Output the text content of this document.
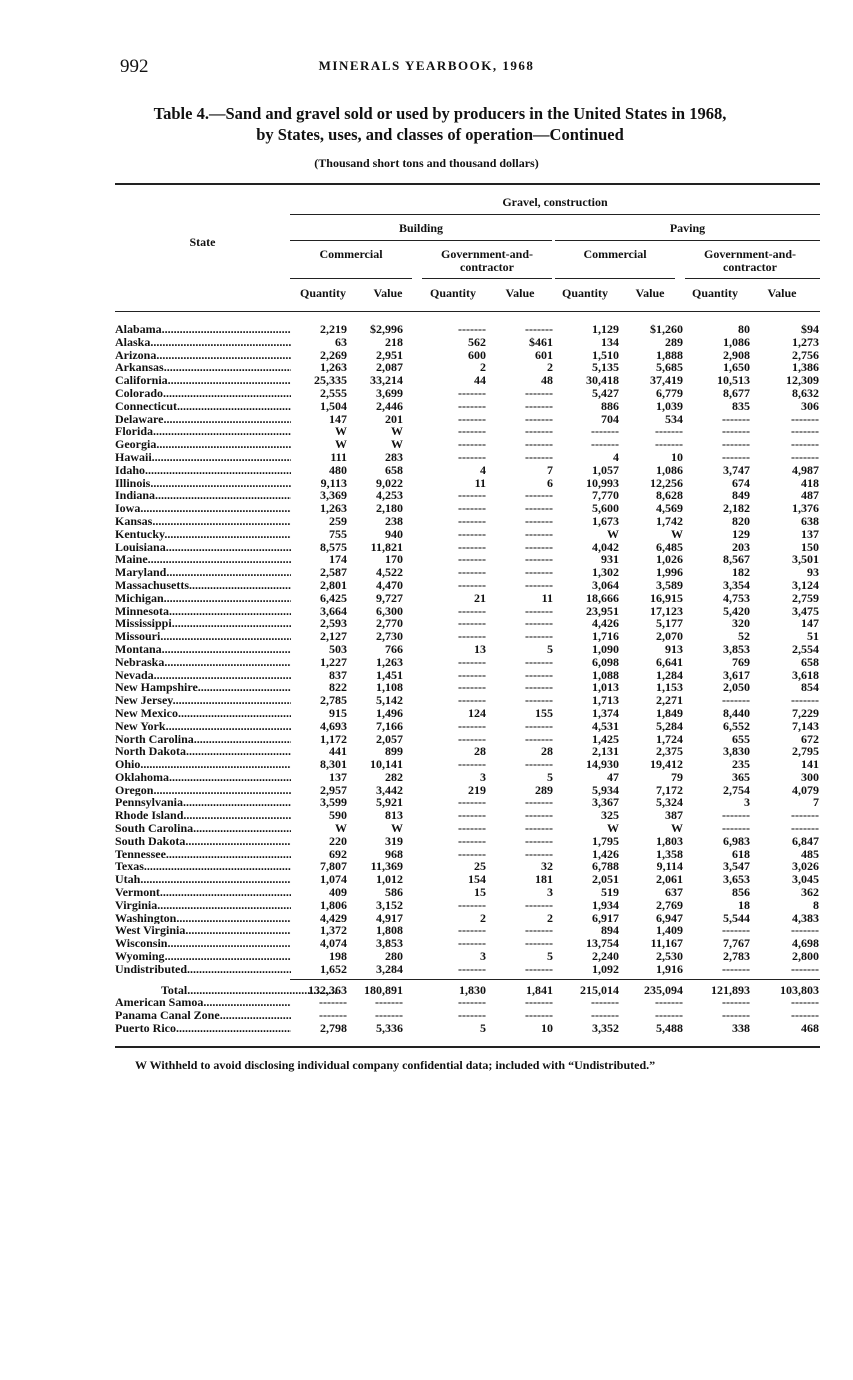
992	MINERALS YEARBOOK, 1968
Table 4.—Sand and gravel sold or used by producers in the United States in 1968,
by States, uses, and classes of operation—Continued
(Thousand short tons and thousand dollars)
State
Gravel, construction
Building	Paving
Commercial	Government-and-
contractor
Commercial	Government-and-
contractor
Quantity	Value	Quantity	Value	Quantity	Value	Quantity	Value
Alabama .....	2,219	$2,996	-------	-------	1,129	$1,260	80	$94
Alaska .....	63	218	562	$461	134	289	1,086	1,273
Arizona .....	2,269	2,951	600	601	1,510	1,888	2,908	2,756
Arkansas .....	1,263	2,087	2	2	5,135	5,685	1,650	1,386
California .....	25,335	33,214	44	48	30,418	37,419	10,513	12,309
Colorado .....	2,555	3,699	-------	-------	5,427	6,779	8,677	8,632
Connecticut .....	1,504	2,446	-------	-------	886	1,039	835	306
Delaware .....	147	201	-------	-------	704	534	-------	-------
Florida .....	W	W	-------	-------	-------	-------	-------	-------
Georgia .....	W	W	-------	-------	-------	-------	-------	-------
Hawaii .....	111	283	-------	-------	4	10	-------	-------
Idaho .....	480	658	4	7	1,057	1,086	3,747	4,987
Illinois .....	9,113	9,022	11	6	10,993	12,256	674	418
Indiana .....	3,369	4,253	-------	-------	7,770	8,628	849	487
Iowa .....	1,263	2,180	-------	-------	5,600	4,569	2,182	1,376
Kansas .....	259	238	-------	-------	1,673	1,742	820	638
Kentucky .....	755	940	-------	-------	W	W	129	137
Louisiana .....	8,575	11,821	-------	-------	4,042	6,485	203	150
Maine .....	174	170	-------	-------	931	1,026	8,567	3,501
Maryland .....	2,587	4,522	-------	-------	1,302	1,996	182	93
Massachusetts .....	2,801	4,470	-------	-------	3,064	3,589	3,354	3,124
Michigan .....	6,425	9,727	21	11	18,666	16,915	4,753	2,759
Minnesota .....	3,664	6,300	-------	-------	23,951	17,123	5,420	3,475
Mississippi .....	2,593	2,770	-------	-------	4,426	5,177	320	147
Missouri .....	2,127	2,730	-------	-------	1,716	2,070	52	51
Montana .....	503	766	13	5	1,090	913	3,853	2,554
Nebraska .....	1,227	1,263	-------	-------	6,098	6,641	769	658
Nevada .....	837	1,451	-------	-------	1,088	1,284	3,617	3,618
New Hampshire .....	822	1,108	-------	-------	1,013	1,153	2,050	854
New Jersey .....	2,785	5,142	-------	-------	1,713	2,271	-------	-------
New Mexico .....	915	1,496	124	155	1,374	1,849	8,440	7,229
New York .....	4,693	7,166	-------	-------	4,531	5,284	6,552	7,143
North Carolina .....	1,172	2,057	-------	-------	1,425	1,724	655	672
North Dakota .....	441	899	28	28	2,131	2,375	3,830	2,795
Ohio .....	8,301	10,141	-------	-------	14,930	19,412	235	141
Oklahoma .....	137	282	3	5	47	79	365	300
Oregon .....	2,957	3,442	219	289	5,934	7,172	2,754	4,079
Pennsylvania .....	3,599	5,921	-------	-------	3,367	5,324	3	7
Rhode Island .....	590	813	-------	-------	325	387	-------	-------
South Carolina .....	W	W	-------	-------	W	W	-------	-------
South Dakota .....	220	319	-------	-------	1,795	1,803	6,983	6,847
Tennessee .....	692	968	-------	-------	1,426	1,358	618	485
Texas .....	7,807	11,369	25	32	6,788	9,114	3,547	3,026
Utah .....	1,074	1,012	154	181	2,051	2,061	3,653	3,045
Vermont .....	409	586	15	3	519	637	856	362
Virginia .....	1,806	3,152	-------	-------	1,934	2,769	18	8
Washington .....	4,429	4,917	2	2	6,917	6,947	5,544	4,383
West Virginia .....	1,372	1,808	-------	-------	894	1,409	-------	-------
Wisconsin .....	4,074	3,853	-------	-------	13,754	11,167	7,767	4,698
Wyoming .....	198	280	3	5	2,240	2,530	2,783	2,800
Undistributed .....	1,652	3,284	-------	-------	1,092	1,916	-------	-------
Total .....	132,363	180,891	1,830	1,841	215,014	235,094	121,893	103,803
American Samoa .....	-------	-------	-------	-------	-------	-------	-------	-------
Panama Canal Zone .....	-------	-------	-------	-------	-------	-------	-------	-------
Puerto Rico .....	2,798	5,336	5	10	3,352	5,488	338	468
W Withheld to avoid disclosing individual company confidential data; included with “Undistributed.”
